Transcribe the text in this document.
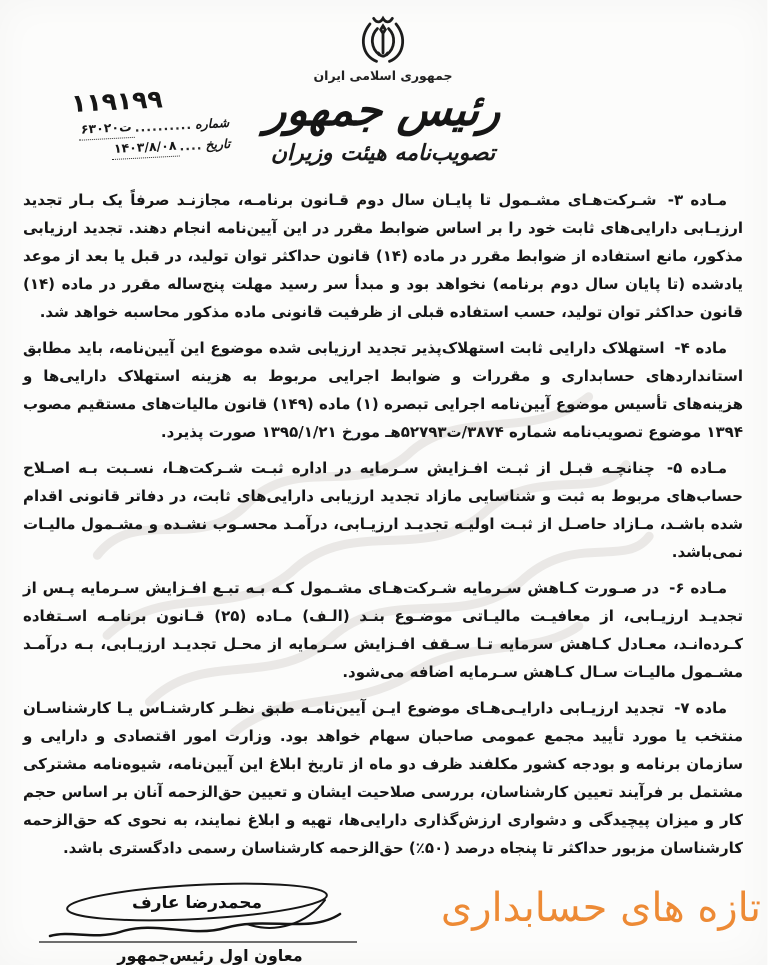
جمهوری اسلامی ایران
رئیس جمهور
تصویب‌نامه هیئت وزیران
۱۱۹۱۹۹
شماره
..........
ت۶۳۰۲۰
تاریخ
....
۱۴۰۳/۸/۰۸

مـاده ۳- شـرکت‌هـای مشـمول تا پایـان سال دوم قـانون برنامـه، مجازنـد صرفاً یک بـار تجدید ارزیـابی دارایی‌های ثابت خود را بر اساس ضوابط مقرر در این آیین‌نامه انجام دهند. تجدید ارزیابی مذکور، مانع استفاده از ضوابط مقرر در ماده (۱۴) قانون حداکثر توان تولید، در قبل یا بعد از موعد یادشده (تا پایان سال دوم برنامه) نخواهد بود و مبدأ سر رسید مهلت پنج‌ساله مقرر در ماده (۱۴) قانون حداکثر توان تولید، حسب استفاده قبلی از ظرفیت قانونی ماده مذکور محاسبه خواهد شد.

ماده ۴- استهلاک دارایی ثابت استهلاک‌پذیر تجدید ارزیابی شده موضوع این آیین‌نامه، باید مطابق استانداردهای حسابداری و مقررات و ضوابط اجرایی مربوط به هزینه استهلاک دارایی‌ها و هزینه‌های تأسیس موضوع آیین‌نامه اجرایی تبصره (۱) ماده (۱۴۹) قانون مالیات‌های مستقیم مصوب ۱۳۹۴ موضوع تصویب‌نامه شماره ۳۸۷۴/ت۵۲۷۹۳هـ مورخ ۱۳۹۵/۱/۲۱ صورت پذیرد.

مـاده ۵- چنانچـه قبـل از ثبـت افـزایش سـرمایه در اداره ثبـت شـرکت‌هـا، نسـبت بـه اصـلاح حساب‌های مربوط به ثبت و شناسایی مازاد تجدید ارزیابی دارایی‌های ثابت، در دفاتر قانونی اقدام شده باشـد، مـازاد حاصـل از ثبـت اولیـه تجدیـد ارزیـابی، درآمـد محسـوب نشـده و مشـمول مالیـات نمی‌باشد.

مـاده ۶- در صـورت کـاهش سـرمایه شـرکت‌هـای مشـمول کـه بـه تبـع افـزایش سـرمایه پـس از تجدیـد ارزیـابی، از معافیـت مالیـاتی موضـوع بنـد (الـف) مـاده (۲۵) قـانون برنامـه اسـتفاده کـرده‌انـد، معـادل کـاهش سرمایه تـا سـقف افـزایش سـرمایه از محـل تجدیـد ارزیـابی، بـه درآمـد مشـمول مالیـات سـال کـاهش سـرمایه اضافه می‌شود.

ماده ۷- تجدید ارزیـابی دارایـی‌هـای موضوع ایـن آیین‌نامـه طبق نظـر کارشنـاس یـا کارشناسـان منتخب یا مورد تأیید مجمع عمومی صاحبان سهام خواهد بود. وزارت امور اقتصادی و دارایی و سازمان برنامه و بودجه کشور مکلفند ظرف دو ماه از تاریخ ابلاغ این آیین‌نامه، شیوه‌نامه مشترکی مشتمل بر فرآیند تعیین کارشناسان، بررسی صلاحیت ایشان و تعیین حق‌الزحمه آنان بر اساس حجم کار و میزان پیچیدگی و دشواری ارزش‌گذاری دارایی‌ها، تهیه و ابلاغ نمایند، به نحوی که حق‌الزحمه کارشناسان مزبور حداکثر تا پنجاه درصد (۵۰٪) حق‌الزحمه کارشناسان رسمی دادگستری باشد.

محمدرضا عارف
معاون اول رئیس‌جمهور
تازه های حسابداری
